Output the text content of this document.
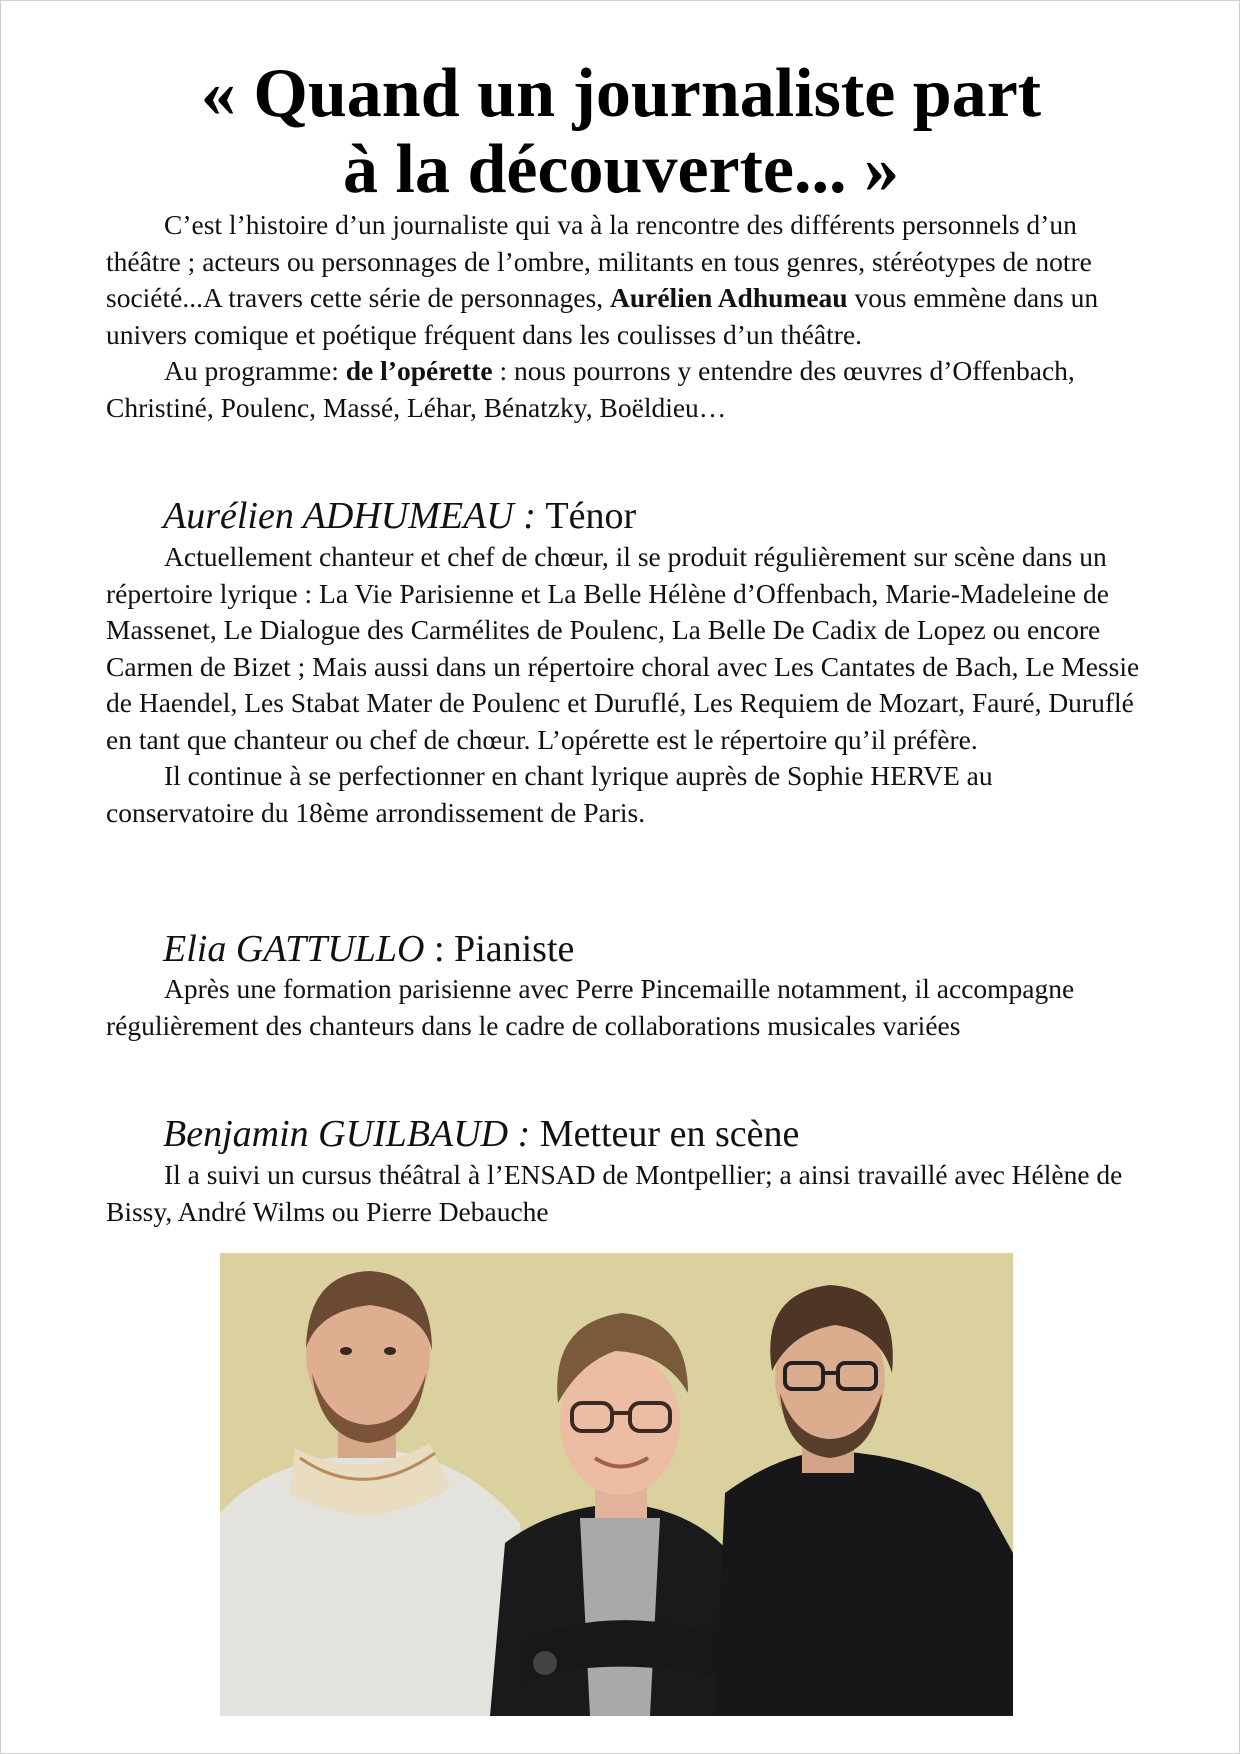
« Quand un journaliste part
à la découverte... »

C’est l’histoire d’un journaliste qui va à la rencontre des différents personnels d’un théâtre ; acteurs ou personnages de l’ombre, militants en tous genres, stéréotypes de notre société...A travers cette série de personnages, Aurélien Adhumeau vous emmène dans un univers comique et poétique fréquent dans les coulisses d’un théâtre.

Au programme: de l’opérette : nous pourrons y entendre des œuvres d’Offenbach, Christiné, Poulenc, Massé, Léhar, Bénatzky, Boëldieu…

Aurélien ADHUMEAU : Ténor

Actuellement chanteur et chef de chœur, il se produit régulièrement sur scène dans un répertoire lyrique : La Vie Parisienne et La Belle Hélène d’Offenbach, Marie-Madeleine de Massenet, Le Dialogue des Carmélites de Poulenc, La Belle De Cadix de Lopez ou encore Carmen de Bizet ; Mais aussi dans un répertoire choral avec Les Cantates de Bach, Le Messie de Haendel, Les Stabat Mater de Poulenc et Duruflé, Les Requiem de Mozart, Fauré, Duruflé en tant que chanteur ou chef de chœur. L’opérette est le répertoire qu’il préfère.

Il continue à se perfectionner en chant lyrique auprès de Sophie HERVE au conservatoire du 18ème arrondissement de Paris.

Elia GATTULLO : Pianiste

Après une formation parisienne avec Perre Pincemaille notamment, il accompagne régulièrement des chanteurs dans le cadre de collaborations musicales variées

Benjamin GUILBAUD : Metteur en scène

Il a suivi un cursus théâtral à l’ENSAD de Montpellier; a ainsi travaillé avec Hélène de Bissy, André Wilms ou Pierre Debauche
